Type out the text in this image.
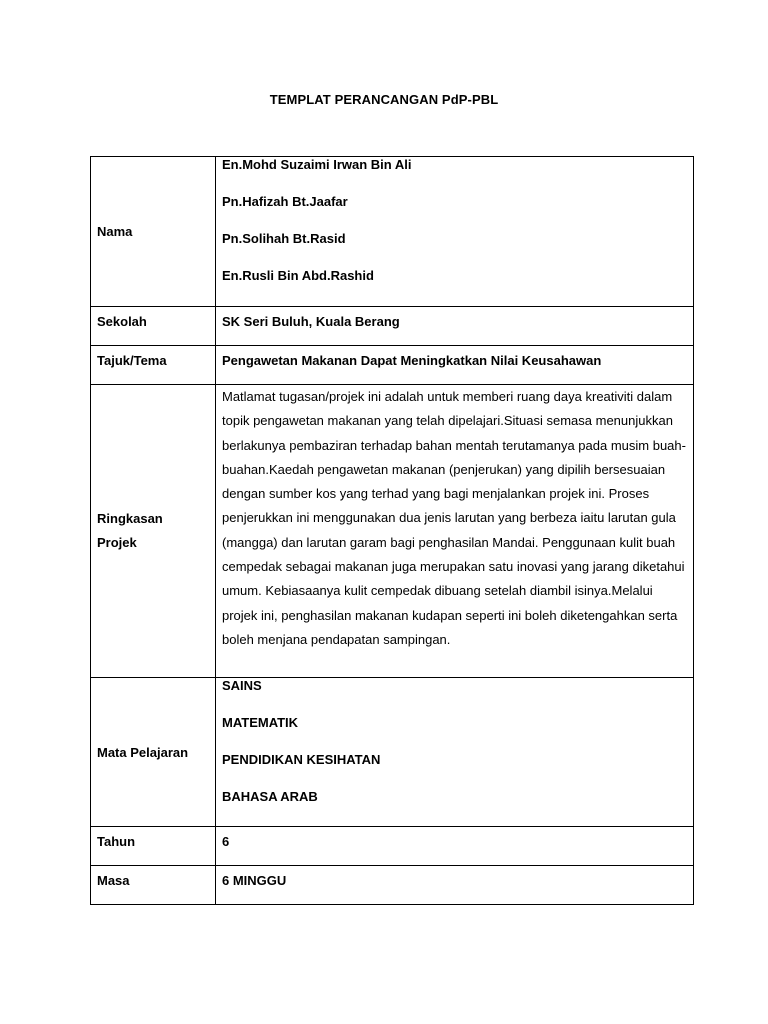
TEMPLAT PERANCANGAN PdP-PBL
Nama	En.Mohd Suzaimi Irwan Bin Ali
Pn.Hafizah Bt.Jaafar
Pn.Solihah Bt.Rasid
En.Rusli Bin Abd.Rashid

Sekolah	SK Seri Buluh, Kuala Berang
Tajuk/Tema	Pengawetan Makanan Dapat Meningkatkan Nilai Keusahawan

Ringkasan
Projek	Matlamat tugasan/projek ini adalah untuk memberi ruang daya kreativiti dalam topik pengawetan makanan yang telah dipelajari.Situasi semasa menunjukkan berlakunya pembaziran terhadap bahan mentah terutamanya pada musim buah-buahan.Kaedah pengawetan makanan (penjerukan) yang dipilih bersesuaian dengan sumber kos yang terhad yang bagi menjalankan projek ini. Proses penjerukkan ini menggunakan dua jenis larutan yang berbeza iaitu larutan gula (mangga) dan larutan garam bagi penghasilan Mandai. Penggunaan kulit buah cempedak sebagai makanan juga merupakan satu inovasi yang jarang diketahui umum. Kebiasaanya kulit cempedak dibuang setelah diambil isinya.Melalui projek ini, penghasilan makanan kudapan seperti ini boleh diketengahkan serta boleh menjana pendapatan sampingan.
Mata Pelajaran	SAINS
MATEMATIK
PENDIDIKAN KESIHATAN
BAHASA ARAB

Tahun	6
Masa	6 MINGGU
